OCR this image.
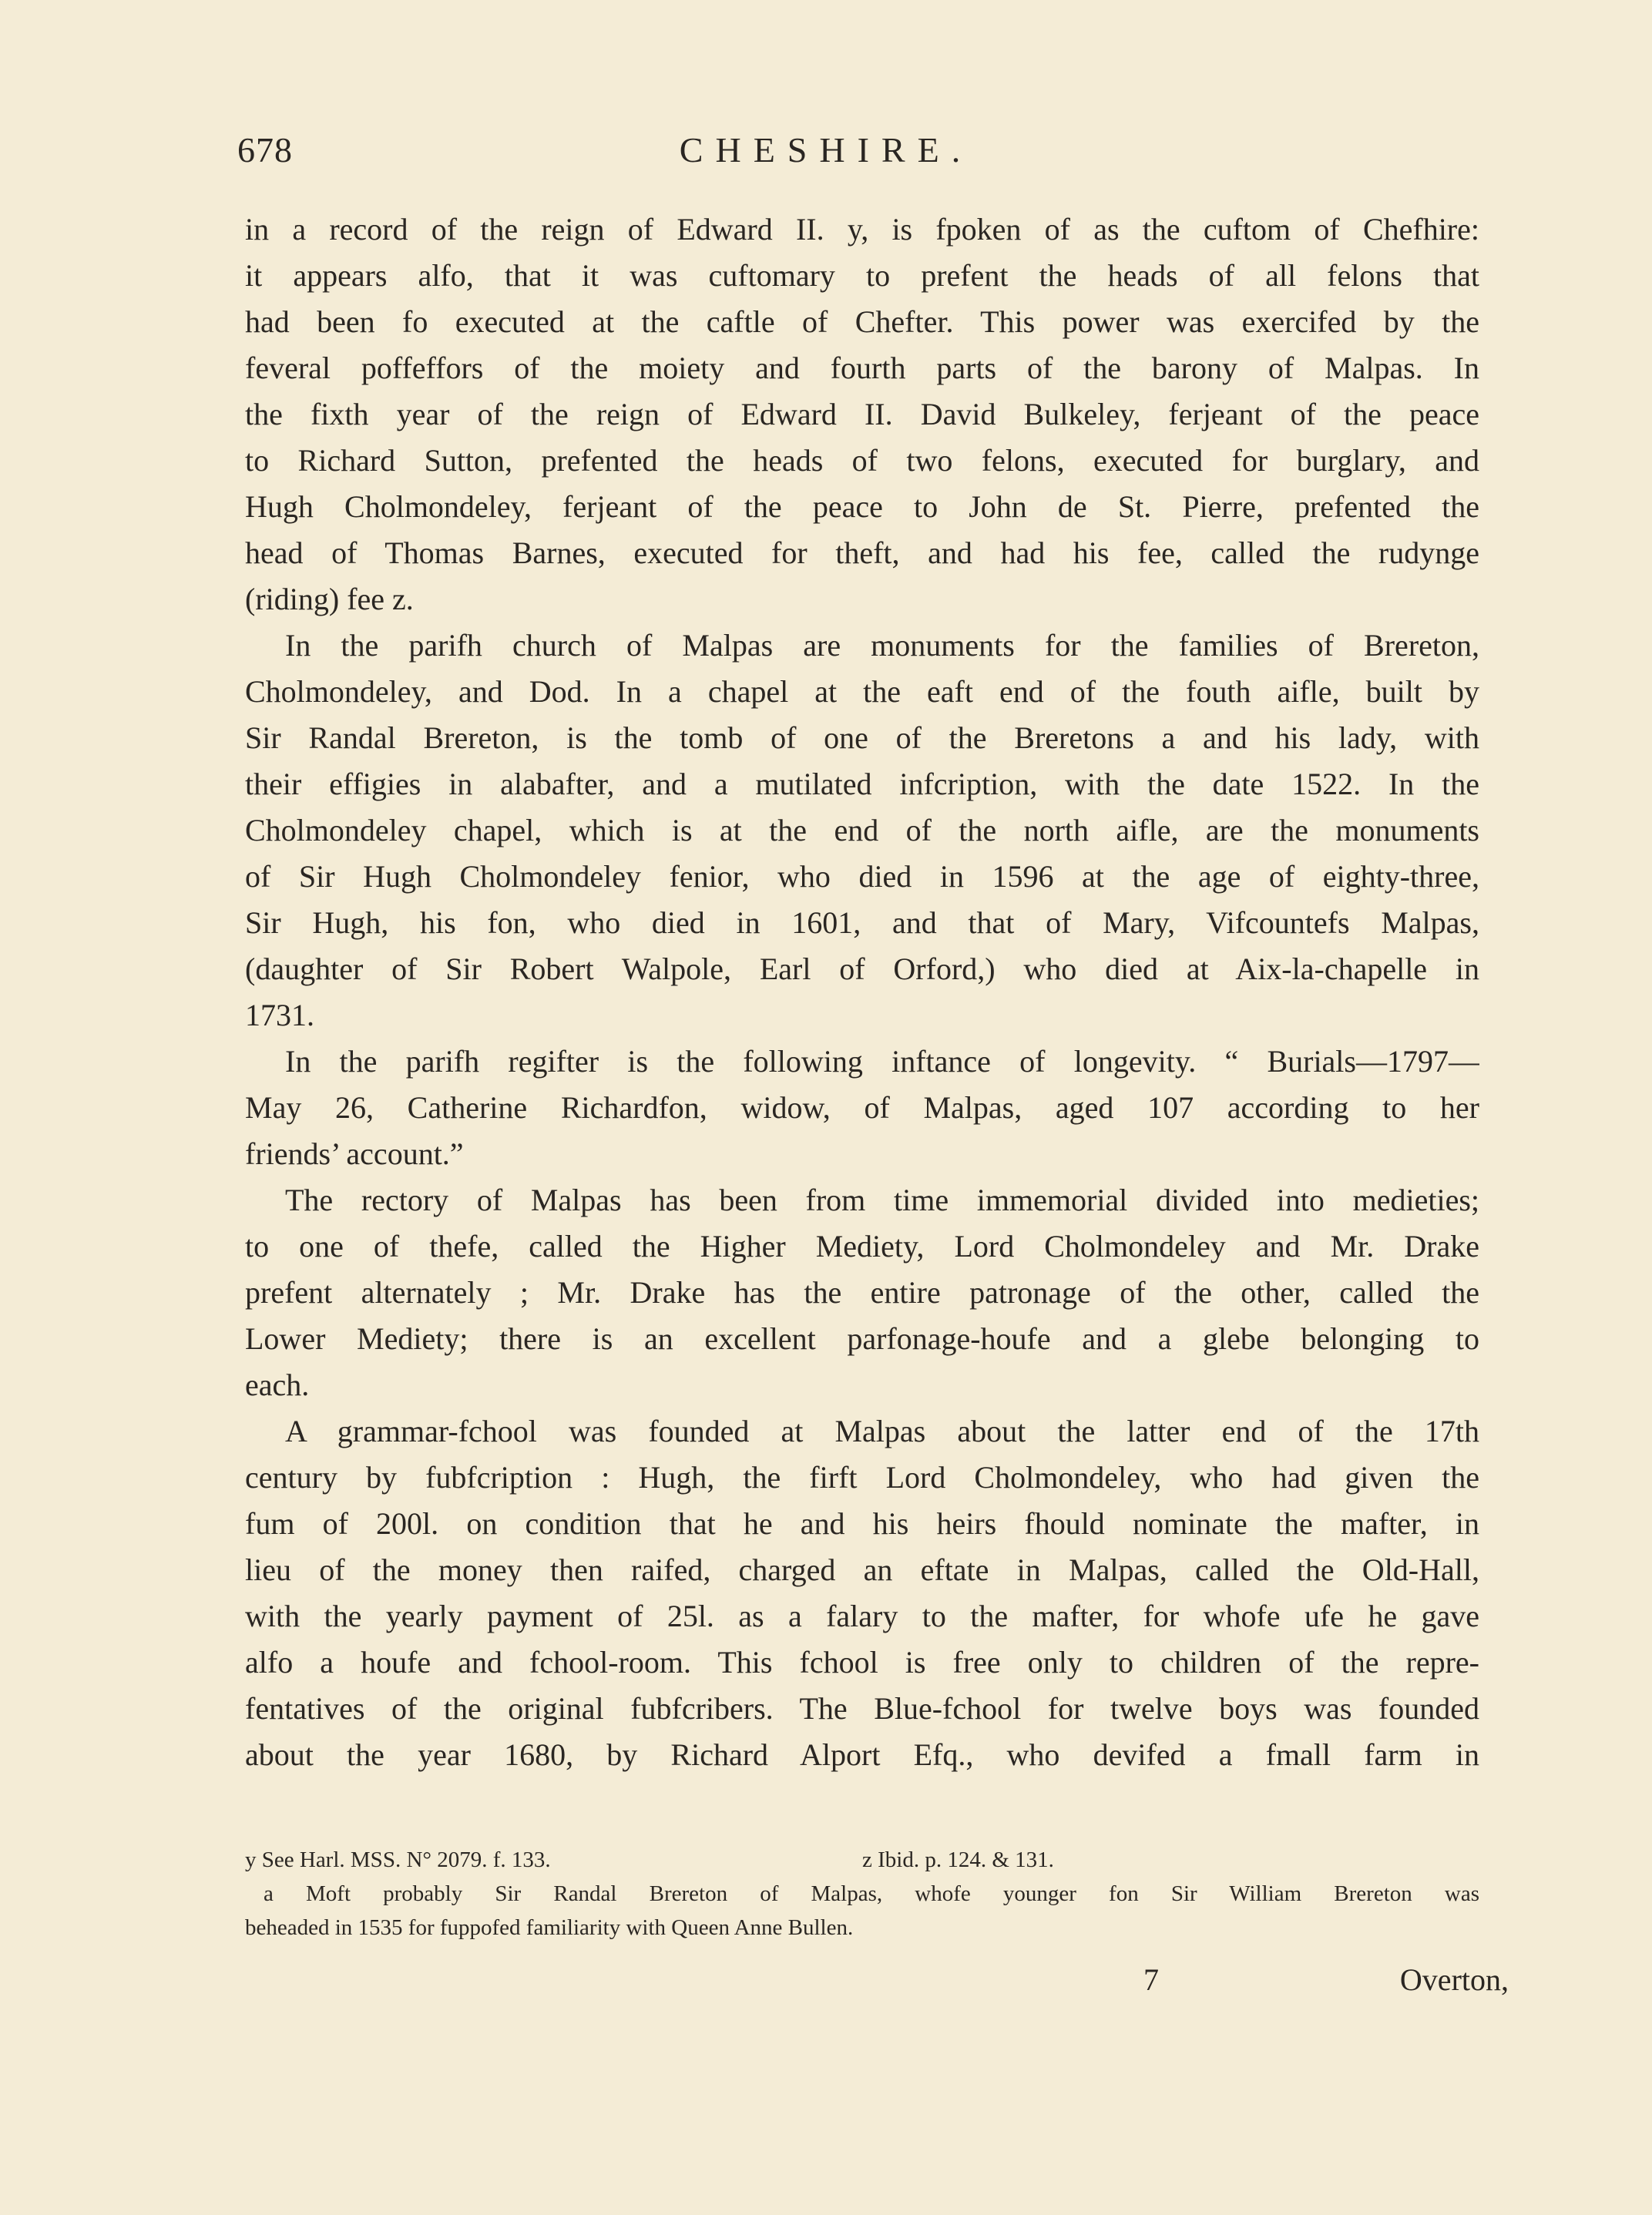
678	CHESHIRE.
in a record of the reign of Edward II. y, is fpoken of as the cuftom of Chefhire:
it appears alfo, that it was cuftomary to prefent the heads of all felons that
had been fo executed at the caftle of Chefter. This power was exercifed by the
feveral poffeffors of the moiety and fourth parts of the barony of Malpas. In
the fixth year of the reign of Edward II. David Bulkeley, ferjeant of the peace
to Richard Sutton, prefented the heads of two felons, executed for burglary, and
Hugh Cholmondeley, ferjeant of the peace to John de St. Pierre, prefented the
head of Thomas Barnes, executed for theft, and had his fee, called the rudynge
(riding) fee z.
In the parifh church of Malpas are monuments for the families of Brereton,
Cholmondeley, and Dod. In a chapel at the eaft end of the fouth aifle, built by
Sir Randal Brereton, is the tomb of one of the Breretons a and his lady, with
their effigies in alabafter, and a mutilated infcription, with the date 1522. In the
Cholmondeley chapel, which is at the end of the north aifle, are the monuments
of Sir Hugh Cholmondeley fenior, who died in 1596 at the age of eighty-three,
Sir Hugh, his fon, who died in 1601, and that of Mary, Vifcountefs Malpas,
(daughter of Sir Robert Walpole, Earl of Orford,) who died at Aix-la-chapelle in
1731.
In the parifh regifter is the following inftance of longevity. “ Burials—1797—
May 26, Catherine Richardfon, widow, of Malpas, aged 107 according to her
friends’ account.”
The rectory of Malpas has been from time immemorial divided into medieties;
to one of thefe, called the Higher Mediety, Lord Cholmondeley and Mr. Drake
prefent alternately ; Mr. Drake has the entire patronage of the other, called the
Lower Mediety; there is an excellent parfonage-houfe and a glebe belonging to
each.
A grammar-fchool was founded at Malpas about the latter end of the 17th
century by fubfcription : Hugh, the firft Lord Cholmondeley, who had given the
fum of 200l. on condition that he and his heirs fhould nominate the mafter, in
lieu of the money then raifed, charged an eftate in Malpas, called the Old-Hall,
with the yearly payment of 25l. as a falary to the mafter, for whofe ufe he gave
alfo a houfe and fchool-room. This fchool is free only to children of the repre-
fentatives of the original fubfcribers. The Blue-fchool for twelve boys was founded
about the year 1680, by Richard Alport Efq., who devifed a fmall farm in
y See Harl. MSS. N° 2079. f. 133.	z Ibid. p. 124. & 131.
a Moft probably Sir Randal Brereton of Malpas, whofe younger fon Sir William Brereton was
beheaded in 1535 for fuppofed familiarity with Queen Anne Bullen.
7	Overton,
